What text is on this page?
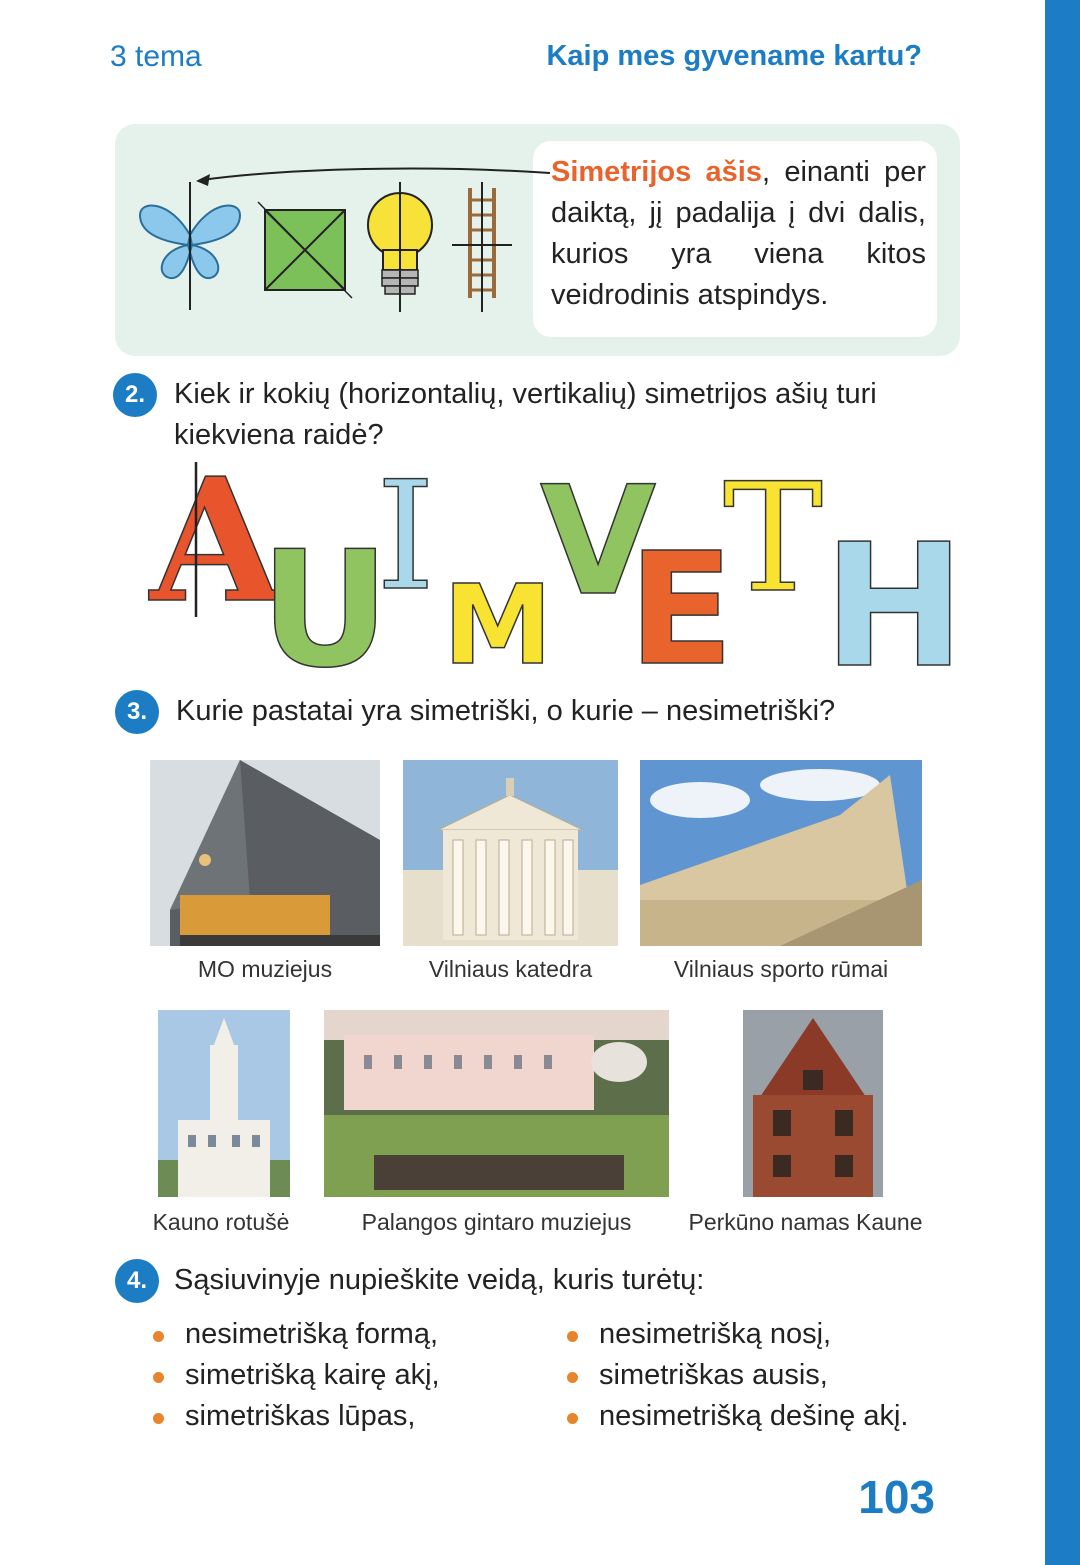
3 tema	Kaip mes gyvename kartu?
Simetrijos ašis, einanti per daiktą, jį padalija į dvi dalis, kurios yra viena kitos veidrodinis atspindys.
2.	Kiek ir kokių (horizontalių, vertikalių) simetrijos ašių turi kiekviena raidė?
A
U
I
M
V
E
T H
3.	Kurie pastatai yra simetriški, o kurie – nesimetriški?
MO muziejus	Vilniaus katedra	Vilniaus sporto rūmai
Kauno rotušė	Palangos gintaro muziejus	Perkūno namas Kaune
4. Sąsiuvinyje nupieškite veidą, kuris turėtų:
nesimetrišką formą,
simetrišką kairę akį,
simetriškas lūpas,
nesimetrišką nosį,
simetriškas ausis,
nesimetrišką dešinę akį.
103
